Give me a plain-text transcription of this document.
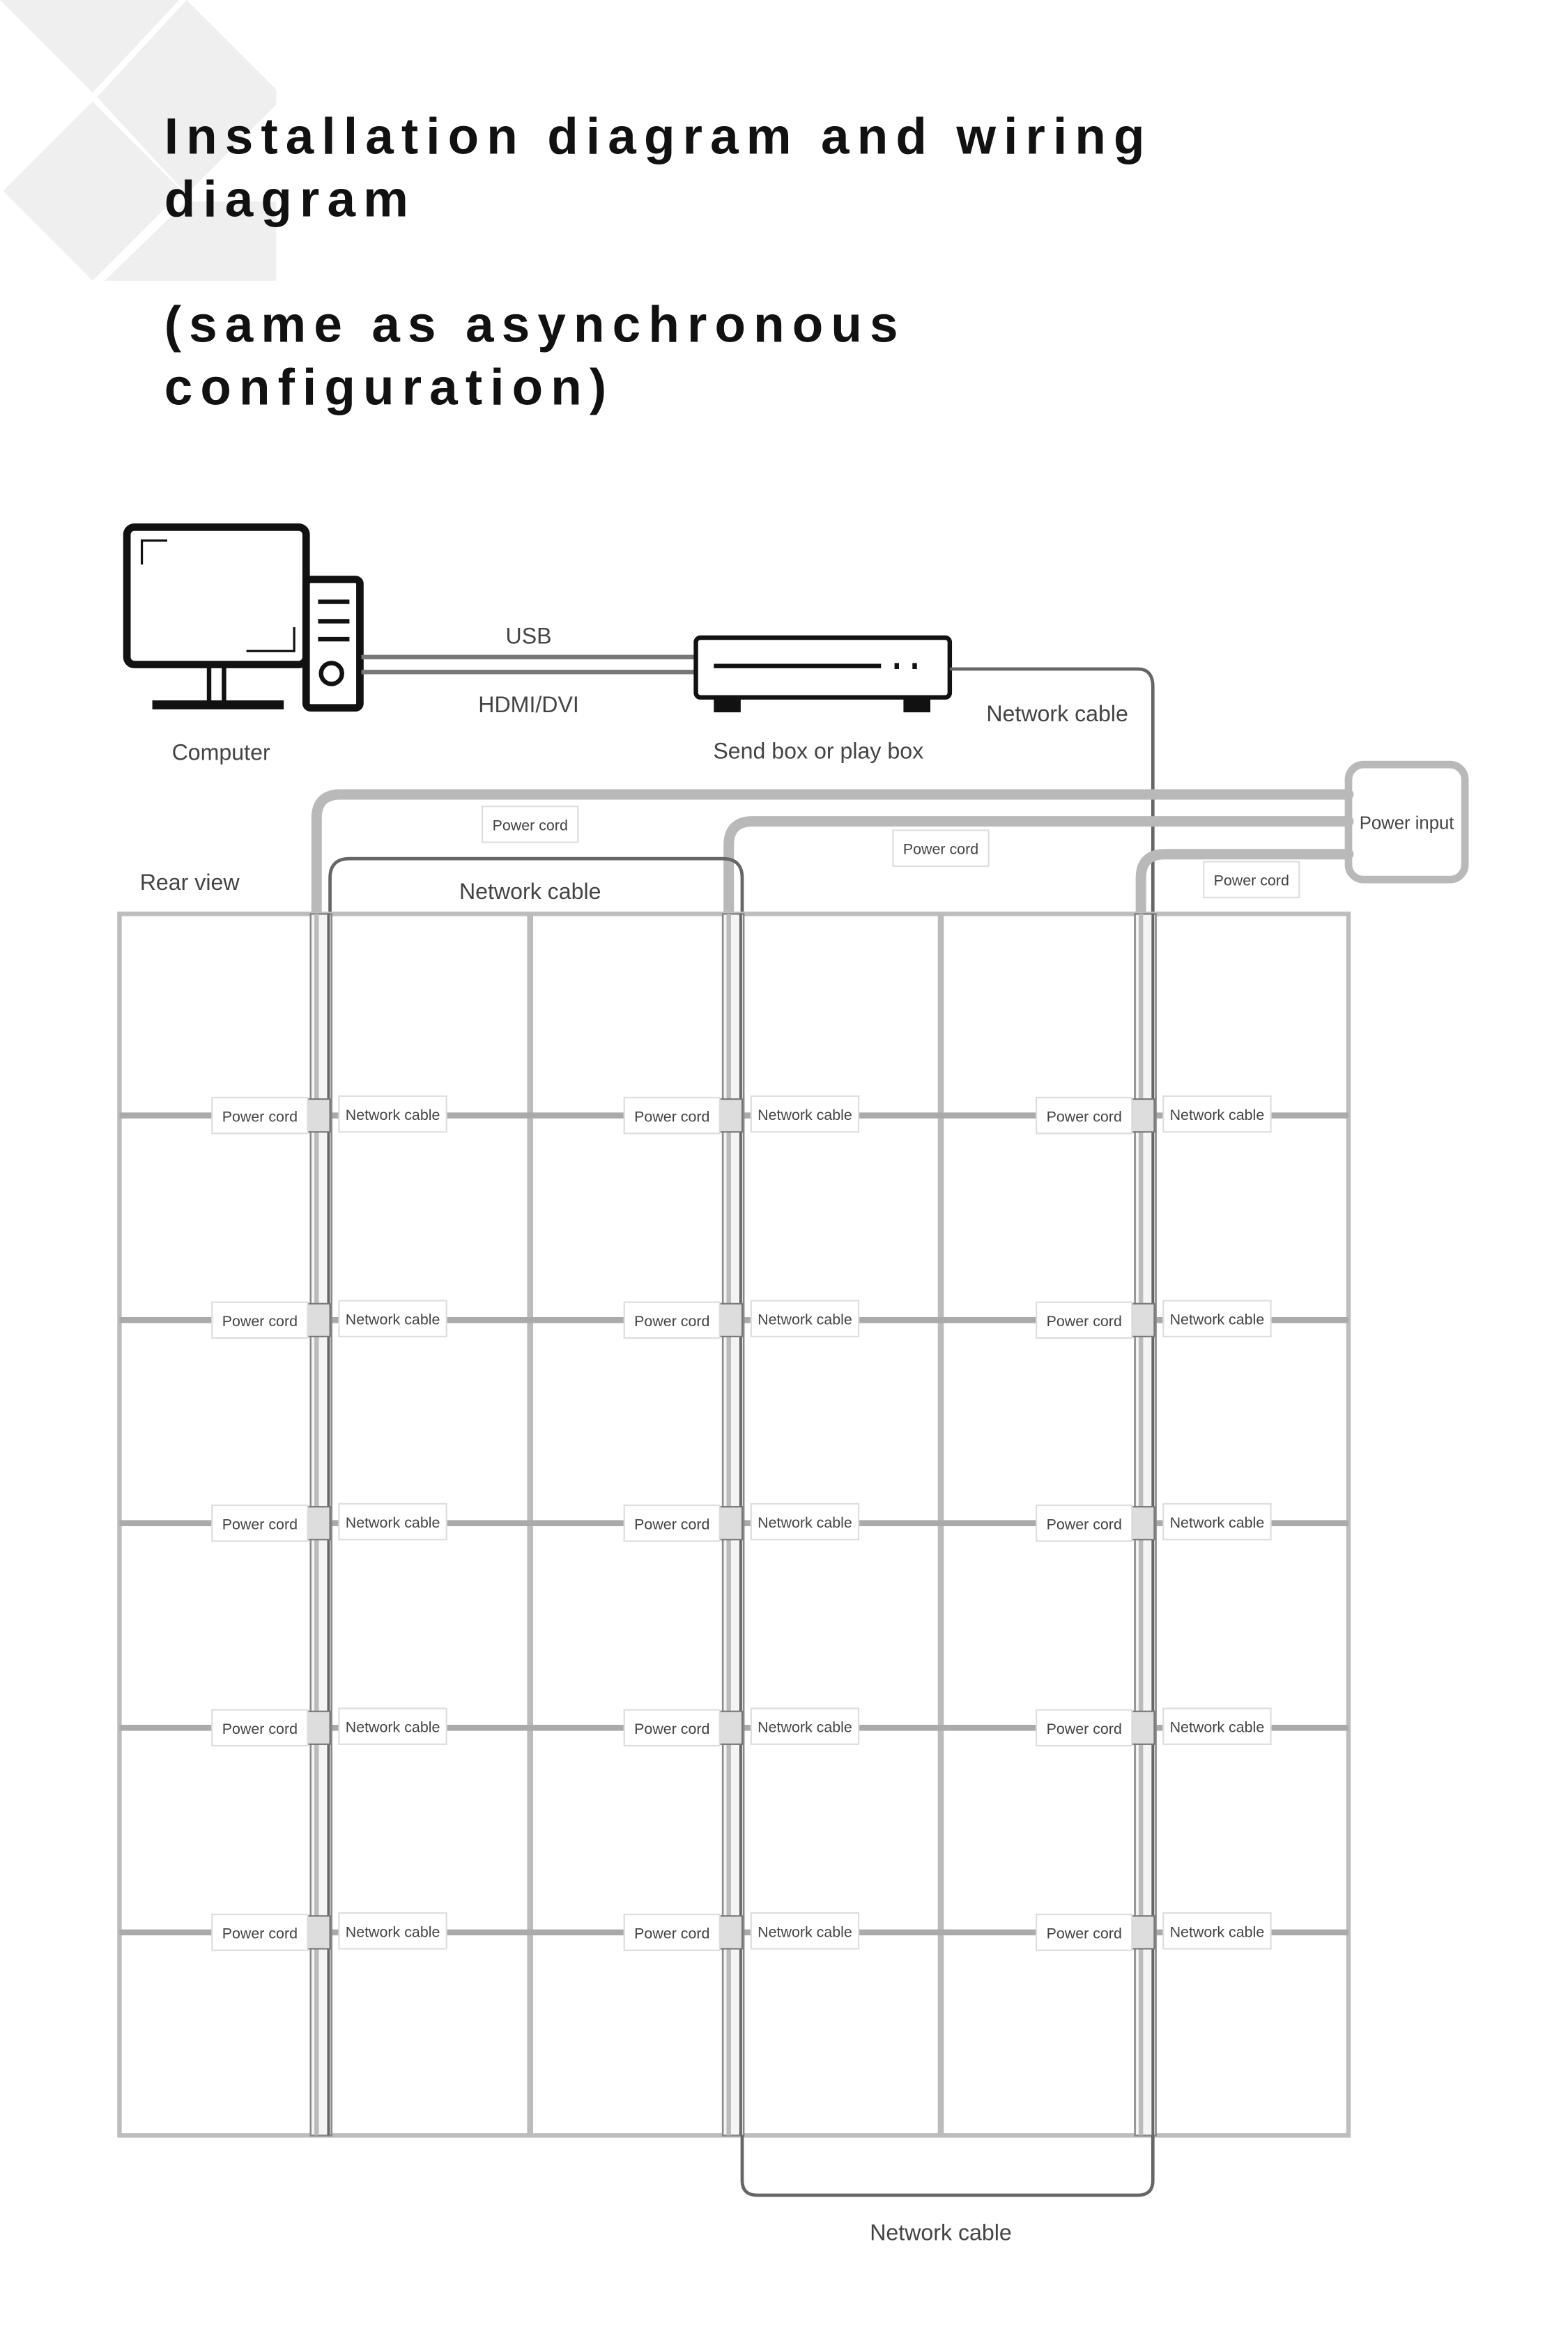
Installation diagram and wiring
diagram
(same as asynchronous
configuration)
Computer
USB
HDMI/DVI
Send box or play box
Network cable
Power input
Power cord
Power cord
Power cord
Network cable
Rear view
Power cord	Network cable	Power cord	Network cable	Power cord	Network cable
Power cord	Network cable	Power cord	Network cable	Power cord	Network cable
Power cord	Network cable	Power cord	Network cable	Power cord	Network cable
Power cord	Network cable	Power cord	Network cable	Power cord	Network cable
Power cord	Network cable	Power cord	Network cable	Power cord	Network cable
Network cable
